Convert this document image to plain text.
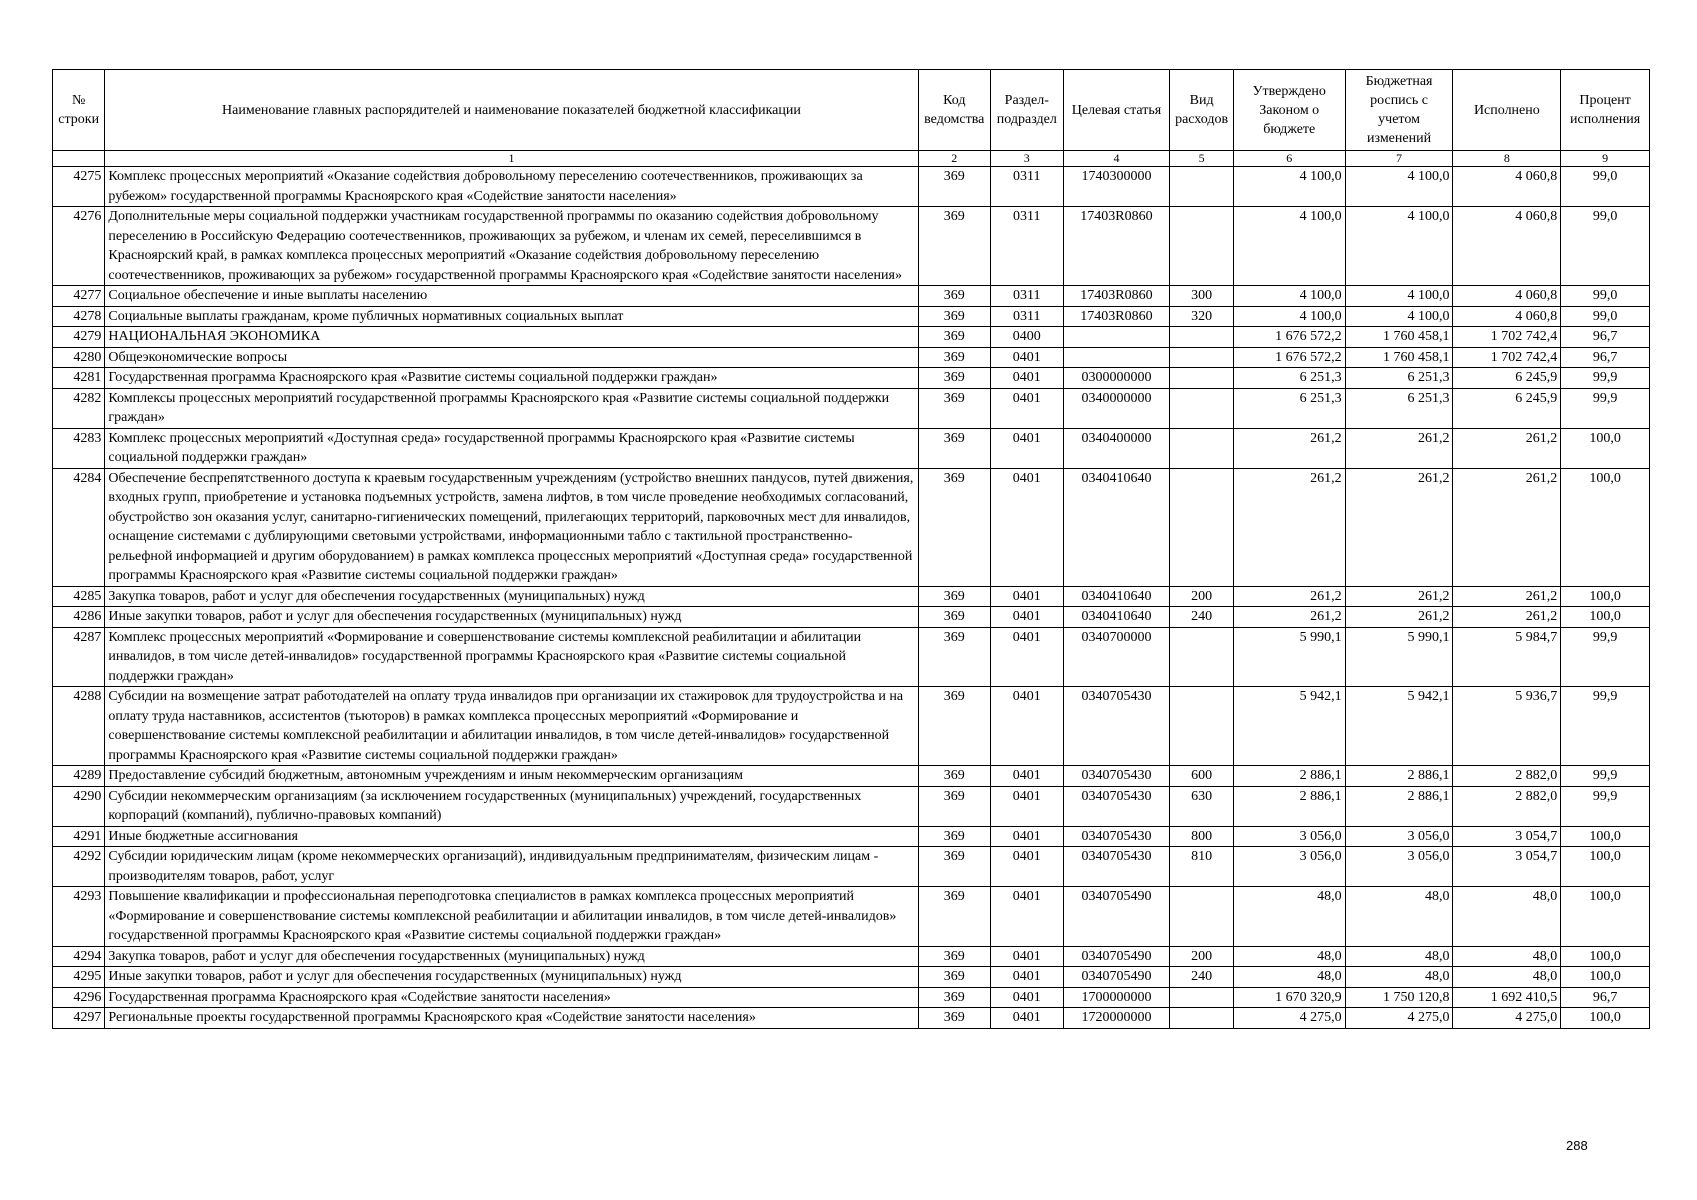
№ строки	Наименование главных распорядителей и наименование показателей бюджетной классификации	Код ведомства	Раздел-подраздел	Целевая статья	Вид расходов	Утверждено Законом о бюджете	Бюджетная роспись с учетом изменений	Исполнено	Процент исполнения
	1	2	3	4	5	6	7	8	9
4275	Комплекс процессных мероприятий «Оказание содействия добровольному переселению соотечественников, проживающих за рубежом» государственной программы Красноярского края «Содействие занятости населения»	369	0311	1740300000		4 100,0	4 100,0	4 060,8	99,0
4276	Дополнительные меры социальной поддержки участникам государственной программы по оказанию содействия добровольному переселению в Российскую Федерацию соотечественников, проживающих за рубежом, и членам их семей, переселившимся в Красноярский край, в рамках комплекса процессных мероприятий «Оказание содействия добровольному переселению соотечественников, проживающих за рубежом» государственной программы Красноярского края «Содействие занятости населения»	369	0311	17403R0860		4 100,0	4 100,0	4 060,8	99,0
4277	Социальное обеспечение и иные выплаты населению	369	0311	17403R0860	300	4 100,0	4 100,0	4 060,8	99,0
4278	Социальные выплаты гражданам, кроме публичных нормативных социальных выплат	369	0311	17403R0860	320	4 100,0	4 100,0	4 060,8	99,0
4279	НАЦИОНАЛЬНАЯ ЭКОНОМИКА	369	0400			1 676 572,2	1 760 458,1	1 702 742,4	96,7
4280	Общеэкономические вопросы	369	0401			1 676 572,2	1 760 458,1	1 702 742,4	96,7
4281	Государственная программа Красноярского края «Развитие системы социальной поддержки граждан»	369	0401	0300000000		6 251,3	6 251,3	6 245,9	99,9
4282	Комплексы процессных мероприятий государственной программы Красноярского края «Развитие системы социальной поддержки граждан»	369	0401	0340000000		6 251,3	6 251,3	6 245,9	99,9
4283	Комплекс процессных мероприятий «Доступная среда» государственной программы Красноярского края «Развитие системы социальной поддержки граждан»	369	0401	0340400000		261,2	261,2	261,2	100,0
4284	Обеспечение беспрепятственного доступа к краевым государственным учреждениям (устройство внешних пандусов, путей движения, входных групп, приобретение и установка подъемных устройств, замена лифтов, в том числе проведение необходимых согласований, обустройство зон оказания услуг, санитарно-гигиенических помещений, прилегающих территорий, парковочных мест для инвалидов, оснащение системами с дублирующими световыми устройствами, информационными табло с тактильной пространственно-рельефной информацией и другим оборудованием) в рамках комплекса процессных мероприятий «Доступная среда» государственной программы Красноярского края «Развитие системы социальной поддержки граждан»	369	0401	0340410640		261,2	261,2	261,2	100,0
4285	Закупка товаров, работ и услуг для обеспечения государственных (муниципальных) нужд	369	0401	0340410640	200	261,2	261,2	261,2	100,0
4286	Иные закупки товаров, работ и услуг для обеспечения государственных (муниципальных) нужд	369	0401	0340410640	240	261,2	261,2	261,2	100,0
4287	Комплекс процессных мероприятий «Формирование и совершенствование системы комплексной реабилитации и абилитации инвалидов, в том числе детей-инвалидов» государственной программы Красноярского края «Развитие системы социальной поддержки граждан»	369	0401	0340700000		5 990,1	5 990,1	5 984,7	99,9
4288	Субсидии на возмещение затрат работодателей на оплату труда инвалидов при организации их стажировок для трудоустройства и на оплату труда наставников, ассистентов (тьюторов) в рамках комплекса процессных мероприятий «Формирование и совершенствование системы комплексной реабилитации и абилитации инвалидов, в том числе детей-инвалидов» государственной программы Красноярского края «Развитие системы социальной поддержки граждан»	369	0401	0340705430		5 942,1	5 942,1	5 936,7	99,9
4289	Предоставление субсидий бюджетным, автономным учреждениям и иным некоммерческим организациям	369	0401	0340705430	600	2 886,1	2 886,1	2 882,0	99,9
4290	Субсидии некоммерческим организациям (за исключением государственных (муниципальных) учреждений, государственных корпораций (компаний), публично-правовых компаний)	369	0401	0340705430	630	2 886,1	2 886,1	2 882,0	99,9
4291	Иные бюджетные ассигнования	369	0401	0340705430	800	3 056,0	3 056,0	3 054,7	100,0
4292	Субсидии юридическим лицам (кроме некоммерческих организаций), индивидуальным предпринимателям, физическим лицам - производителям товаров, работ, услуг	369	0401	0340705430	810	3 056,0	3 056,0	3 054,7	100,0
4293	Повышение квалификации и профессиональная переподготовка специалистов в рамках комплекса процессных мероприятий «Формирование и совершенствование системы комплексной реабилитации и абилитации инвалидов, в том числе детей-инвалидов» государственной программы Красноярского края «Развитие системы социальной поддержки граждан»	369	0401	0340705490		48,0	48,0	48,0	100,0
4294	Закупка товаров, работ и услуг для обеспечения государственных (муниципальных) нужд	369	0401	0340705490	200	48,0	48,0	48,0	100,0
4295	Иные закупки товаров, работ и услуг для обеспечения государственных (муниципальных) нужд	369	0401	0340705490	240	48,0	48,0	48,0	100,0
4296	Государственная программа Красноярского края «Содействие занятости населения»	369	0401	1700000000		1 670 320,9	1 750 120,8	1 692 410,5	96,7
4297	Региональные проекты государственной программы Красноярского края «Содействие занятости населения»	369	0401	1720000000		4 275,0	4 275,0	4 275,0	100,0
288
